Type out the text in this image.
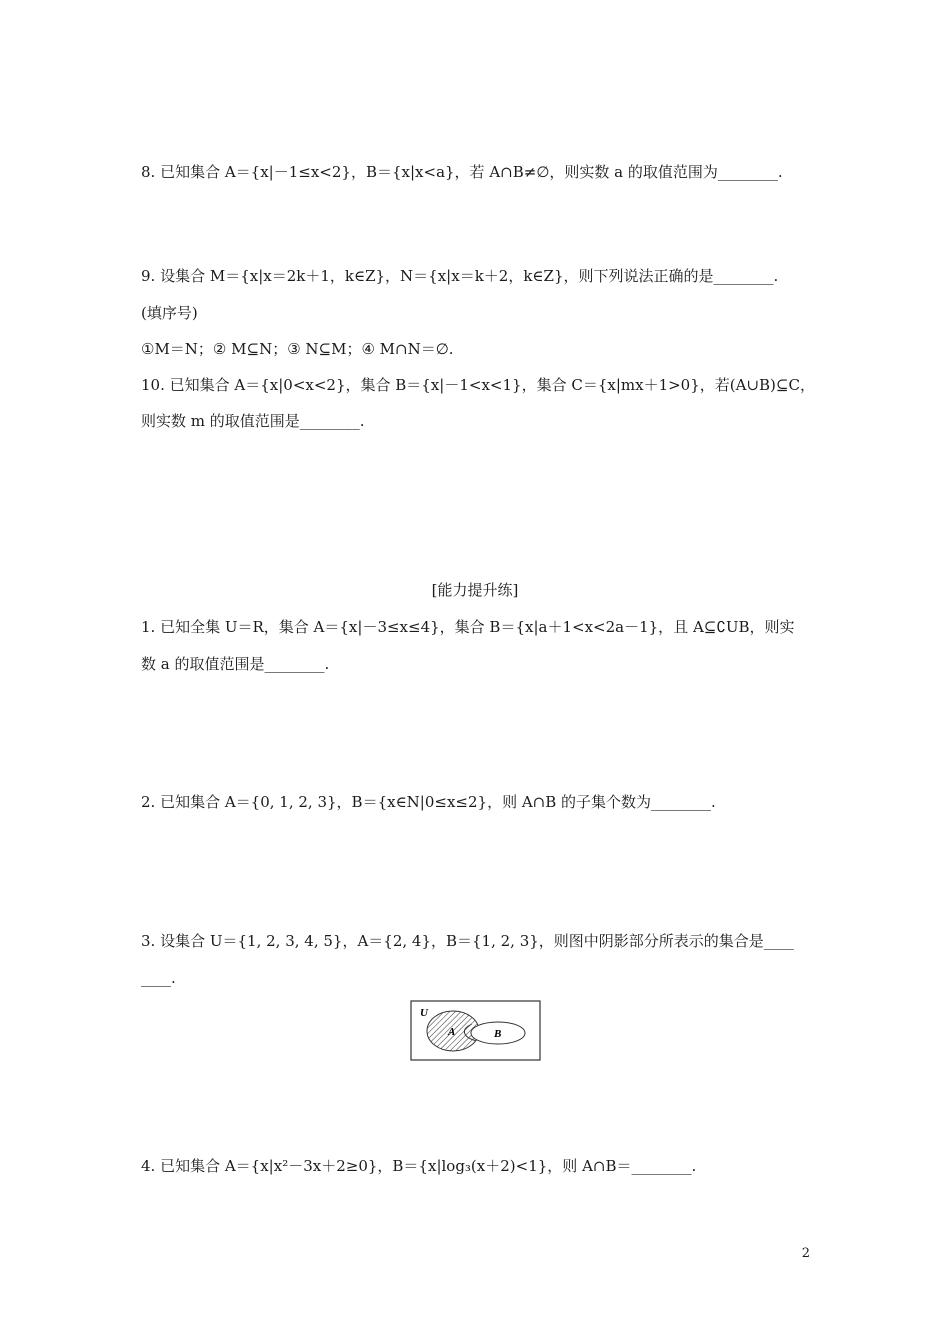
8. 已知集合 A＝{x|－1≤x<2}，B＝{x|x<a}，若 A∩B≠∅，则实数 a 的取值范围为________.
9. 设集合 M＝{x|x＝2k＋1，k∈Z}，N＝{x|x＝k＋2，k∈Z}，则下列说法正确的是________.
(填序号)
①M＝N；② M⊆N；③ N⊆M；④ M∩N＝∅.
10. 已知集合 A＝{x|0<x<2}，集合 B＝{x|－1<x<1}，集合 C＝{x|mx＋1>0}，若(A∪B)⊆C，
则实数 m 的取值范围是________.
[能力提升练]
1. 已知全集 U＝R，集合 A＝{x|－3≤x≤4}，集合 B＝{x|a＋1<x<2a－1}，且 A⊆∁UB，则实
数 a 的取值范围是________.
2. 已知集合 A＝{0, 1, 2, 3}，B＝{x∈N|0≤x≤2}，则 A∩B 的子集个数为________.
3. 设集合 U＝{1, 2, 3, 4, 5}，A＝{2, 4}，B＝{1, 2, 3}，则图中阴影部分所表示的集合是____
____.
U
A	B
4. 已知集合 A＝{x|x²－3x＋2≥0}，B＝{x|log₃(x＋2)<1}，则 A∩B＝________.
2
